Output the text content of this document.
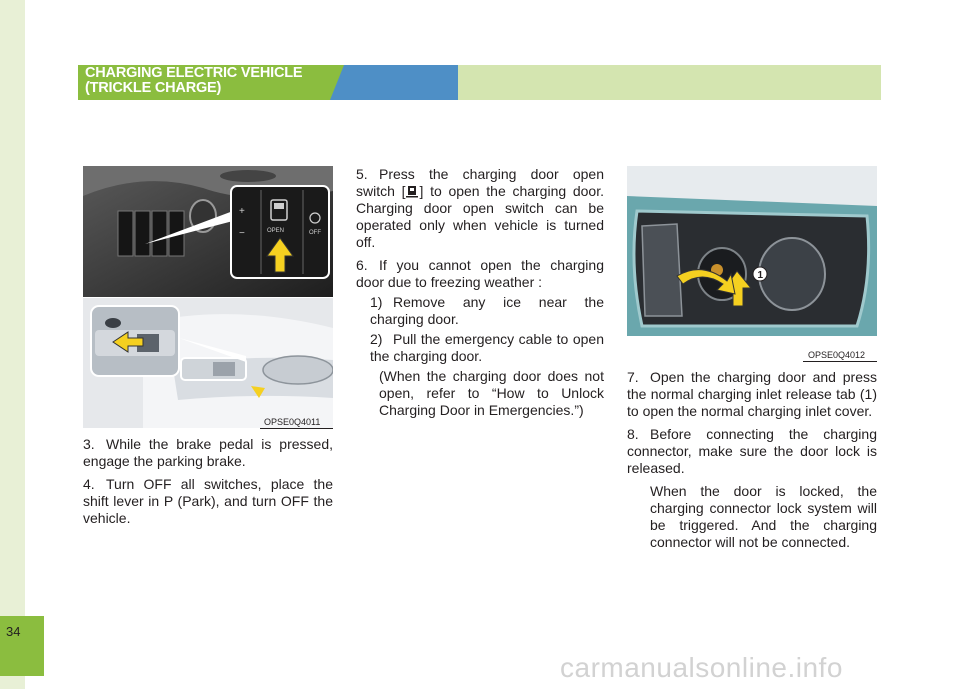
34
CHARGING ELECTRIC VEHICLE
(TRICKLE CHARGE)
+
−	OPEN	OFF
OPSE0Q4011
1
OPSE0Q4012

3. While the brake pedal is pressed, engage the parking brake.

4. Turn OFF all switches, place the shift lever in P (Park), and turn OFF the vehicle.

5. Press the charging door open switch [ ] to open the charging door. Charging door open switch can be operated only when vehicle is turned off.

6. If you cannot open the charging door due to freezing weather :

1) Remove any ice near the charging door.

2) Pull the emergency cable to open the charging door.

(When the charging door does not open, refer to “How to Unlock Charging Door in Emergencies.”)

7. Open the charging door and press the normal charging inlet release tab (1) to open the normal charging inlet cover.

8. Before connecting the charging connector, make sure the door lock is released.

When the door is locked, the charging connector lock system will be triggered. And the charging connector will not be connected.

carmanualsonline.info
